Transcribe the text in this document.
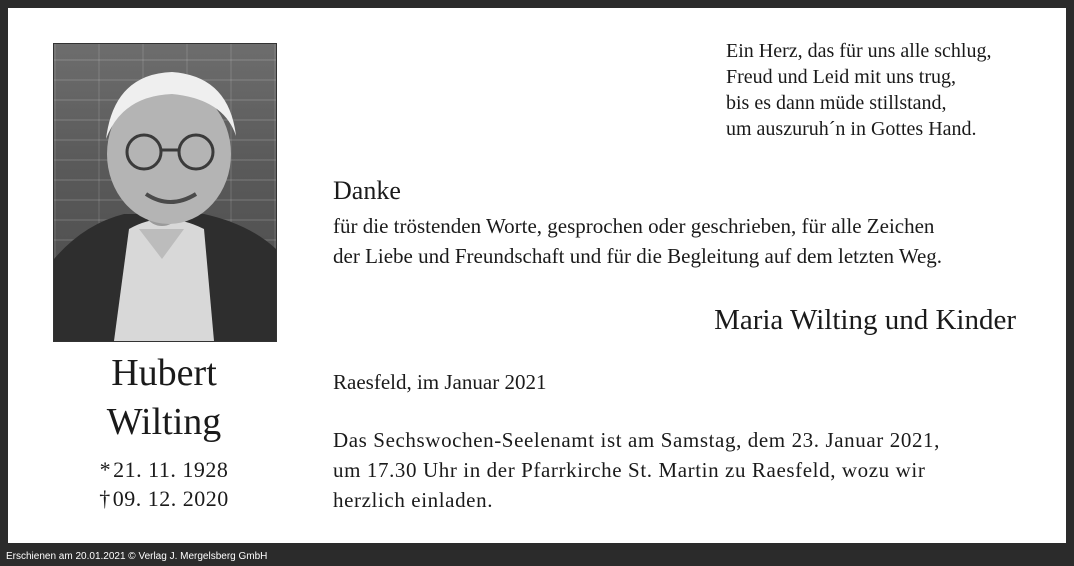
Hubert
Wilting
*21. 11. 1928
†09. 12. 2020
Ein Herz, das für uns alle schlug,
Freud und Leid mit uns trug,
bis es dann müde stillstand,
um auszuruh´n in Gottes Hand.
Danke
für die tröstenden Worte, gesprochen oder geschrieben, für alle Zeichen
der Liebe und Freundschaft und für die Begleitung auf dem letzten Weg.
Maria Wilting und Kinder
Raesfeld, im Januar 2021
Das Sechswochen-Seelenamt ist am Samstag, dem 23. Januar 2021,
um 17.30 Uhr in der Pfarrkirche St. Martin zu Raesfeld, wozu wir
herzlich einladen.
Erschienen am 20.01.2021 © Verlag J. Mergelsberg GmbH
